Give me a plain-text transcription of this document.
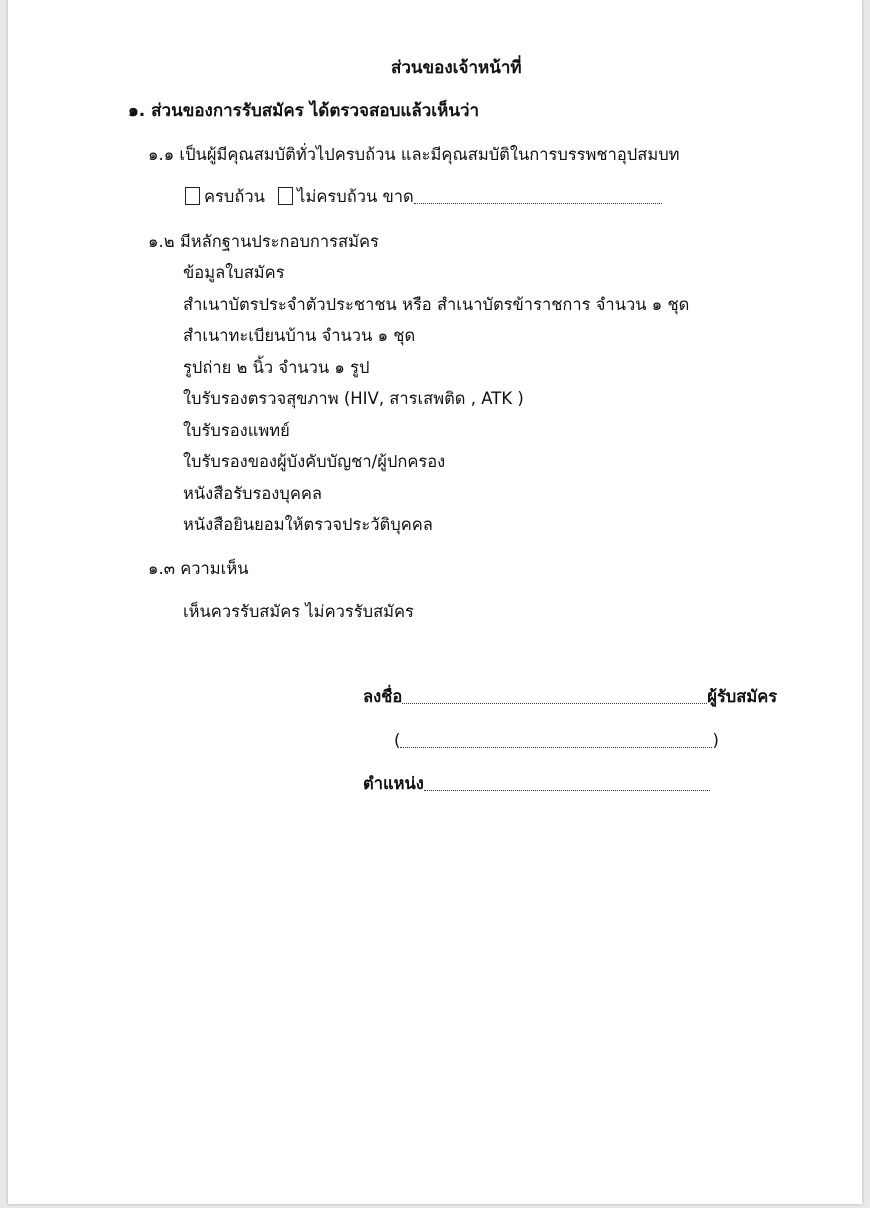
ส่วนของเจ้าหน้าที่
๑. ส่วนของการรับสมัคร ได้ตรวจสอบแล้วเห็นว่า
๑.๑ เป็นผู้มีคุณสมบัติทั่วไปครบถ้วน และมีคุณสมบัติในการบรรพชาอุปสมบท
ครบถ้วน ไม่ครบถ้วน ขาด
๑.๒ มีหลักฐานประกอบการสมัคร
ข้อมูลใบสมัคร
สำเนาบัตรประจำตัวประชาชน หรือ สำเนาบัตรข้าราชการ จำนวน ๑ ชุด
สำเนาทะเบียนบ้าน จำนวน ๑ ชุด
รูปถ่าย ๒ นิ้ว จำนวน ๑ รูป
ใบรับรองตรวจสุขภาพ (HIV, สารเสพติด , ATK )
ใบรับรองแพทย์
ใบรับรองของผู้บังคับบัญชา/ผู้ปกครอง
หนังสือรับรองบุคคล
หนังสือยินยอมให้ตรวจประวัติบุคคล
๑.๓ ความเห็น
เห็นควรรับสมัคร ไม่ควรรับสมัคร
ลงชื่อ	ผู้รับสมัคร
(	)
ตำแหน่ง
